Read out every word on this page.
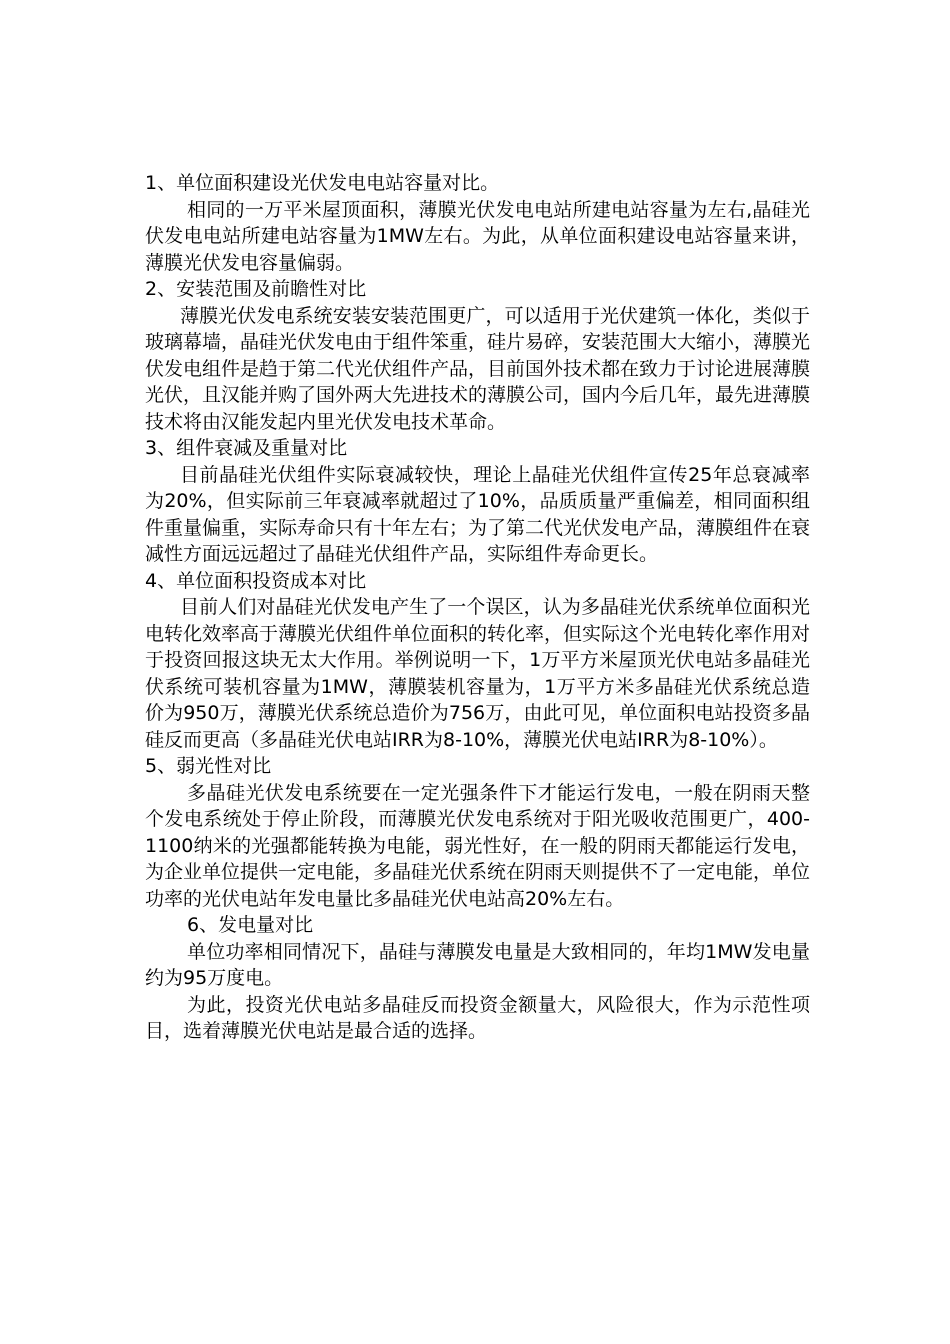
1、单位面积建设光伏发电电站容量对比。

相同的一万平米屋顶面积，薄膜光伏发电电站所建电站容量为左右,晶硅光伏发电电站所建电站容量为1MW左右。为此，从单位面积建设电站容量来讲，薄膜光伏发电容量偏弱。

2、安装范围及前瞻性对比

薄膜光伏发电系统安装安装范围更广，可以适用于光伏建筑一体化，类似于玻璃幕墙，晶硅光伏发电由于组件笨重，硅片易碎，安装范围大大缩小，薄膜光伏发电组件是趋于第二代光伏组件产品，目前国外技术都在致力于讨论进展薄膜光伏，且汉能并购了国外两大先进技术的薄膜公司，国内今后几年，最先进薄膜技术将由汉能发起内里光伏发电技术革命。

3、组件衰减及重量对比

目前晶硅光伏组件实际衰减较快，理论上晶硅光伏组件宣传25年总衰减率为20%，但实际前三年衰减率就超过了10%，品质质量严重偏差，相同面积组件重量偏重，实际寿命只有十年左右；为了第二代光伏发电产品，薄膜组件在衰减性方面远远超过了晶硅光伏组件产品，实际组件寿命更长。

4、单位面积投资成本对比

目前人们对晶硅光伏发电产生了一个误区，认为多晶硅光伏系统单位面积光电转化效率高于薄膜光伏组件单位面积的转化率，但实际这个光电转化率作用对于投资回报这块无太大作用。举例说明一下，1万平方米屋顶光伏电站多晶硅光伏系统可装机容量为1MW，薄膜装机容量为，1万平方米多晶硅光伏系统总造价为950万，薄膜光伏系统总造价为756万，由此可见，单位面积电站投资多晶硅反而更高（多晶硅光伏电站IRR为8-10%，薄膜光伏电站IRR为8-10%）。

5、弱光性对比

多晶硅光伏发电系统要在一定光强条件下才能运行发电，一般在阴雨天整个发电系统处于停止阶段，而薄膜光伏发电系统对于阳光吸收范围更广，400-1100纳米的光强都能转换为电能，弱光性好，在一般的阴雨天都能运行发电，为企业单位提供一定电能，多晶硅光伏系统在阴雨天则提供不了一定电能，单位功率的光伏电站年发电量比多晶硅光伏电站高20%左右。

6、发电量对比

单位功率相同情况下，晶硅与薄膜发电量是大致相同的，年均1MW发电量约为95万度电。

为此，投资光伏电站多晶硅反而投资金额量大，风险很大，作为示范性项目，选着薄膜光伏电站是最合适的选择。
